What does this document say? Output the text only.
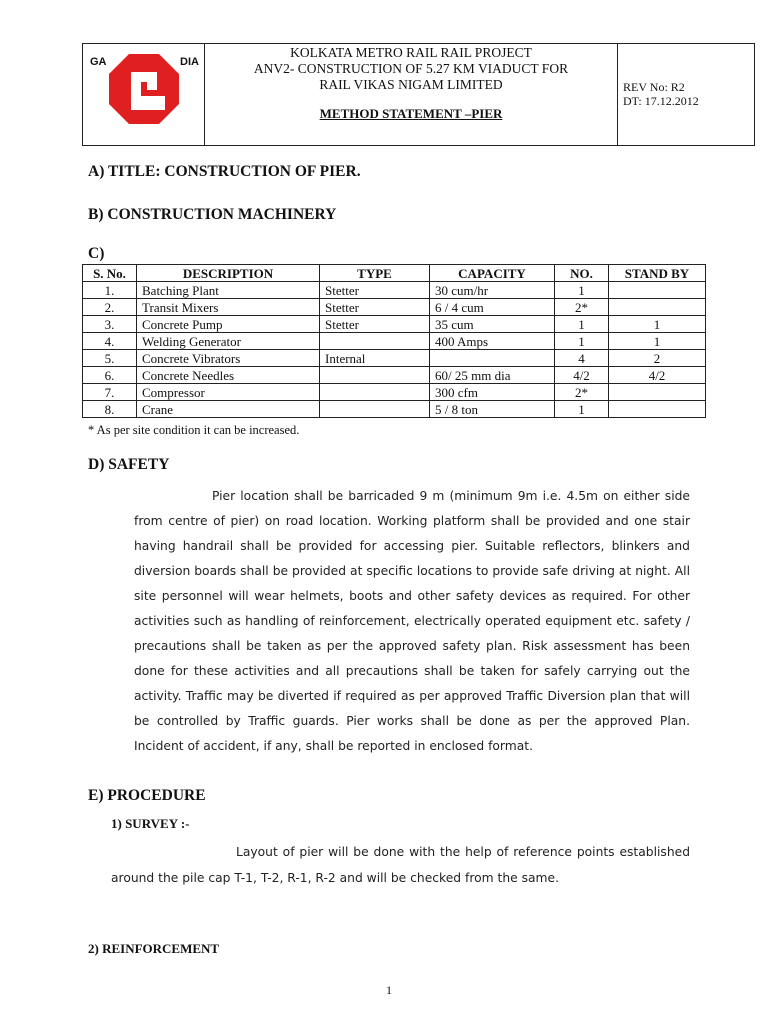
GA	DIA
KOLKATA METRO RAIL RAIL PROJECT
ANV2- CONSTRUCTION OF 5.27 KM VIADUCT FOR
RAIL VIKAS NIGAM LIMITED
METHOD STATEMENT –PIER
REV No: R2
DT: 17.12.2012
A) TITLE: CONSTRUCTION OF PIER.
B) CONSTRUCTION MACHINERY
C)
S. No.	DESCRIPTION	TYPE	CAPACITY	NO.	STAND BY
1.	Batching Plant	Stetter	30 cum/hr	1	
2.	Transit Mixers	Stetter	6 / 4 cum	2*	
3.	Concrete Pump	Stetter	35 cum	1	1
4.	Welding Generator		400 Amps	1	1
5.	Concrete Vibrators	Internal		4	2
6.	Concrete Needles		60/ 25 mm dia	4/2	4/2
7.	Compressor		300 cfm	2*	
8.	Crane		5 / 8 ton	1	
* As per site condition it can be increased.
D) SAFETY

Pier location shall be barricaded 9 m (minimum 9m i.e. 4.5m on either side from centre of pier) on road location. Working platform shall be provided and one stair having handrail shall be provided for accessing pier. Suitable reflectors, blinkers and diversion boards shall be provided at specific locations to provide safe driving at night. All site personnel will wear helmets, boots and other safety devices as required. For other activities such as handling of reinforcement, electrically operated equipment etc. safety / precautions shall be taken as per the approved safety plan. Risk assessment has been done for these activities and all precautions shall be taken for safely carrying out the activity. Traffic may be diverted if required as per approved Traffic Diversion plan that will be controlled by Traffic guards. Pier works shall be done as per the approved Plan. Incident of accident, if any, shall be reported in enclosed format.

E) PROCEDURE
1) SURVEY :-

Layout of pier will be done with the help of reference points established around the pile cap T-1, T-2, R-1, R-2 and will be checked from the same.

2) REINFORCEMENT
1
